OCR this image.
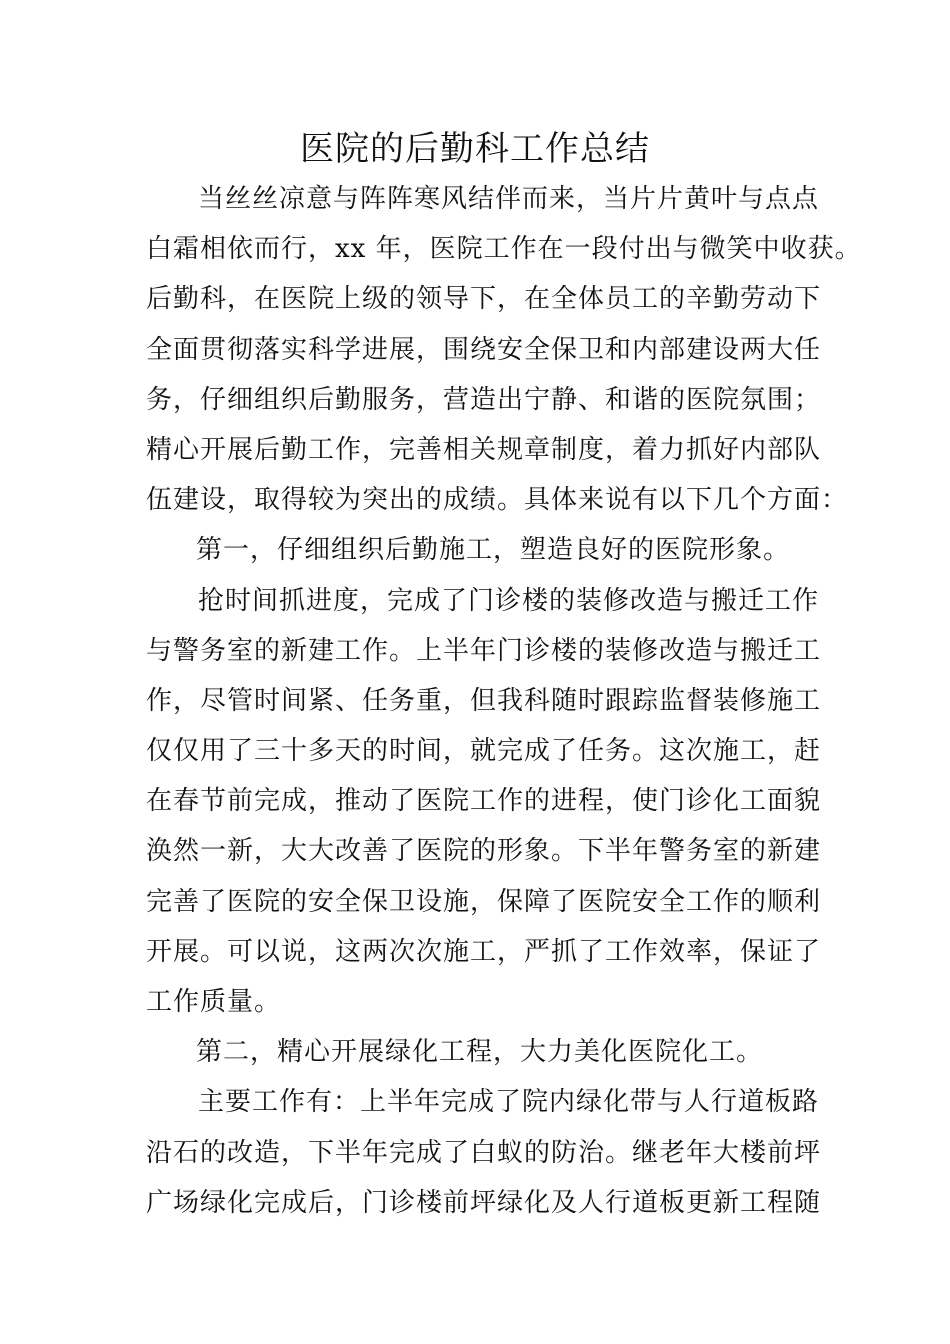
医院的后勤科工作总结
当丝丝凉意与阵阵寒风结伴而来，当片片黄叶与点点
白霜相依而行，xx 年，医院工作在一段付出与微笑中收获。
后勤科，在医院上级的领导下，在全体员工的辛勤劳动下
全面贯彻落实科学进展，围绕安全保卫和内部建设两大任
务，仔细组织后勤服务，营造出宁静、和谐的医院氛围；
精心开展后勤工作，完善相关规章制度，着力抓好内部队
伍建设，取得较为突出的成绩。具体来说有以下几个方面：
第一，仔细组织后勤施工，塑造良好的医院形象。
抢时间抓进度，完成了门诊楼的装修改造与搬迁工作
与警务室的新建工作。上半年门诊楼的装修改造与搬迁工
作，尽管时间紧、任务重，但我科随时跟踪监督装修施工
仅仅用了三十多天的时间，就完成了任务。这次施工，赶
在春节前完成，推动了医院工作的进程，使门诊化工面貌
涣然一新，大大改善了医院的形象。下半年警务室的新建
完善了医院的安全保卫设施，保障了医院安全工作的顺利
开展。可以说，这两次次施工，严抓了工作效率，保证了
工作质量。
第二，精心开展绿化工程，大力美化医院化工。
主要工作有：上半年完成了院内绿化带与人行道板路
沿石的改造，下半年完成了白蚁的防治。继老年大楼前坪
广场绿化完成后，门诊楼前坪绿化及人行道板更新工程随
